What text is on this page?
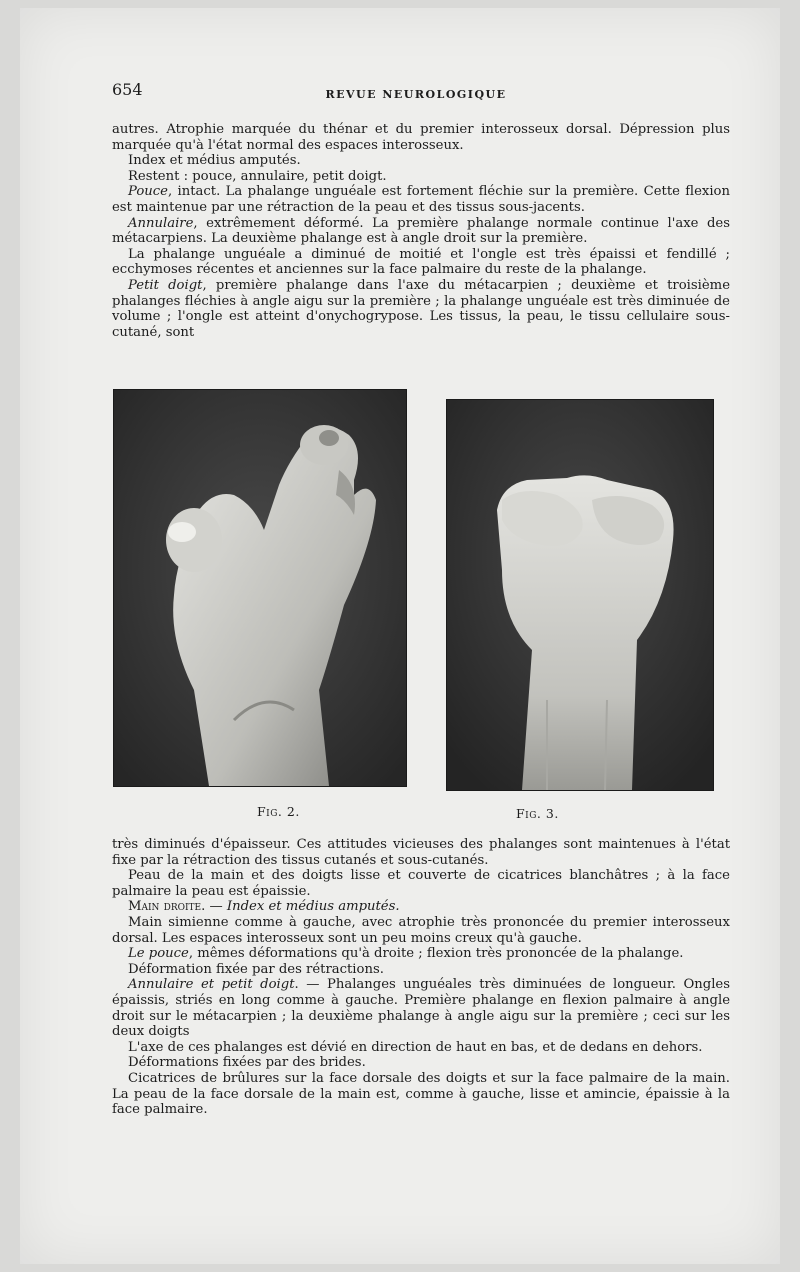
654	REVUE NEUROLOGIQUE

autres. Atrophie marquée du thénar et du premier interosseux dorsal. Dépression plus marquée qu'à l'état normal des espaces interosseux.

Index et médius amputés.

Restent : pouce, annulaire, petit doigt.

Pouce, intact. La phalange unguéale est fortement fléchie sur la première. Cette flexion est maintenue par une rétraction de la peau et des tissus sous-jacents.

Annulaire, extrêmement déformé. La première phalange normale continue l'axe des métacarpiens. La deuxième phalange est à angle droit sur la première.

La phalange unguéale a diminué de moitié et l'ongle est très épaissi et fendillé ; ecchymoses récentes et anciennes sur la face palmaire du reste de la phalange.

Petit doigt, première phalange dans l'axe du métacarpien ; deuxième et troisième phalanges fléchies à angle aigu sur la première ; la phalange unguéale est très diminuée de volume ; l'ongle est atteint d'onychogrypose. Les tissus, la peau, le tissu cellulaire sous-cutané, sont

Fig. 2.	Fig. 3.

très diminués d'épaisseur. Ces attitudes vicieuses des phalanges sont maintenues à l'état fixe par la rétraction des tissus cutanés et sous-cutanés.

Peau de la main et des doigts lisse et couverte de cicatrices blanchâtres ; à la face palmaire la peau est épaissie.

Main droite. — Index et médius amputés.

Main simienne comme à gauche, avec atrophie très prononcée du premier interosseux dorsal. Les espaces interosseux sont un peu moins creux qu'à gauche.

Le pouce, mêmes déformations qu'à droite ; flexion très prononcée de la phalange.

Déformation fixée par des rétractions.

Annulaire et petit doigt. — Phalanges unguéales très diminuées de longueur. Ongles épaissis, striés en long comme à gauche. Première phalange en flexion palmaire à angle droit sur le métacarpien ; la deuxième phalange à angle aigu sur la première ; ceci sur les deux doigts

L'axe de ces phalanges est dévié en direction de haut en bas, et de dedans en dehors.

Déformations fixées par des brides.

Cicatrices de brûlures sur la face dorsale des doigts et sur la face palmaire de la main. La peau de la face dorsale de la main est, comme à gauche, lisse et amincie, épaissie à la face palmaire.
